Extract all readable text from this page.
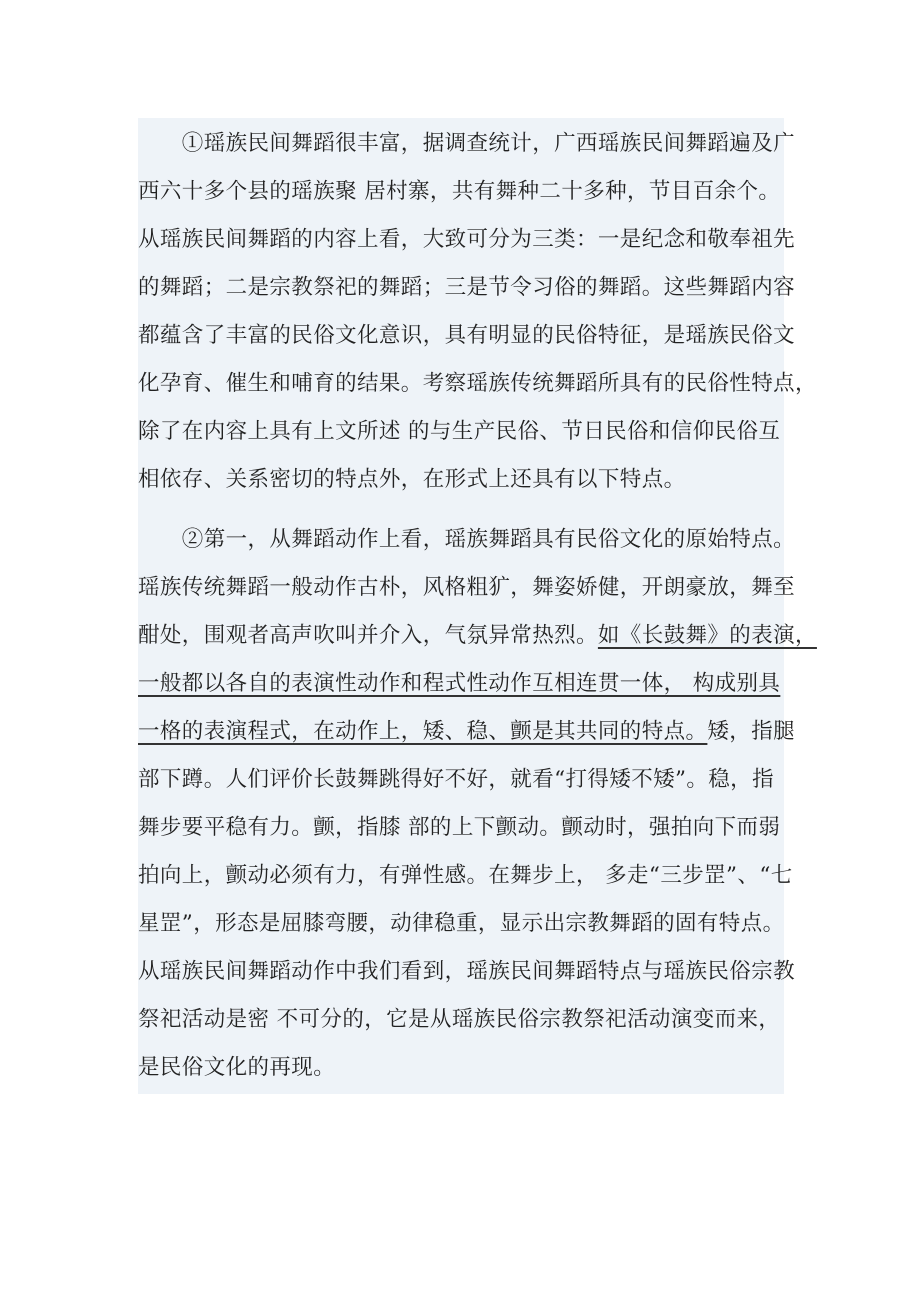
　　①瑶族民间舞蹈很丰富，据调查统计，广西瑶族民间舞蹈遍及广
西六十多个县的瑶族聚 居村寨，共有舞种二十多种，节目百余个。
从瑶族民间舞蹈的内容上看，大致可分为三类：一是纪念和敬奉祖先
的舞蹈；二是宗教祭祀的舞蹈；三是节令习俗的舞蹈。这些舞蹈内容
都蕴含了丰富的民俗文化意识，具有明显的民俗特征，是瑶族民俗文
化孕育、催生和哺育的结果。考察瑶族传统舞蹈所具有的民俗性特点，
除了在内容上具有上文所述 的与生产民俗、节日民俗和信仰民俗互
相依存、关系密切的特点外，在形式上还具有以下特点。
　　②第一，从舞蹈动作上看，瑶族舞蹈具有民俗文化的原始特点。
瑶族传统舞蹈一般动作古朴，风格粗犷，舞姿娇健，开朗豪放，舞至
酣处，围观者高声吹叫并介入，气氛异常热烈。如《长鼓舞》的表演，
一般都以各自的表演性动作和程式性动作互相连贯一体， 构成别具
一格的表演程式，在动作上，矮、稳、颤是其共同的特点。矮，指腿
部下蹲。人们评价长鼓舞跳得好不好，就看“打得矮不矮”。稳，指
舞步要平稳有力。颤，指膝 部的上下颤动。颤动时，强拍向下而弱
拍向上，颤动必须有力，有弹性感。在舞步上， 多走“三步罡”、“七
星罡”，形态是屈膝弯腰，动律稳重，显示出宗教舞蹈的固有特点。
从瑶族民间舞蹈动作中我们看到，瑶族民间舞蹈特点与瑶族民俗宗教
祭祀活动是密 不可分的，它是从瑶族民俗宗教祭祀活动演变而来，
是民俗文化的再现。
